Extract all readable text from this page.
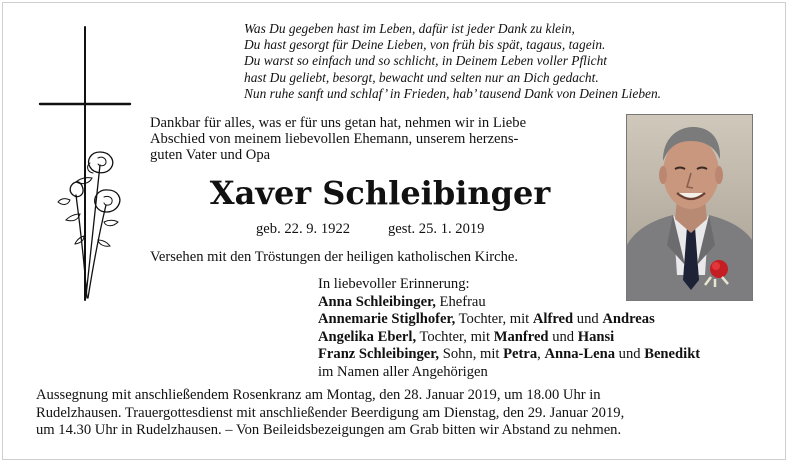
Was Du gegeben hast im Leben, dafür ist jeder Dank zu klein,
Du hast gesorgt für Deine Lieben, von früh bis spät, tagaus, tagein.
Du warst so einfach und so schlicht, in Deinem Leben voller Pflicht
hast Du geliebt, besorgt, bewacht und selten nur an Dich gedacht.
Nun ruhe sanft und schlaf’ in Frieden, hab’ tausend Dank von Deinen Lieben.
Dankbar für alles, was er für uns getan hat, nehmen wir in Liebe
Abschied von meinem liebevollen Ehemann, unserem herzens-
guten Vater und Opa
Xaver Schleibinger
geb. 22. 9. 1922	gest. 25. 1. 2019
Versehen mit den Tröstungen der heiligen katholischen Kirche.
In liebevoller Erinnerung:
Anna Schleibinger, Ehefrau
Annemarie Stiglhofer, Tochter, mit Alfred und Andreas
Angelika Eberl, Tochter, mit Manfred und Hansi
Franz Schleibinger, Sohn, mit Petra, Anna-Lena und Benedikt
im Namen aller Angehörigen
Aussegnung mit anschließendem Rosenkranz am Montag, den 28. Januar 2019, um 18.00 Uhr in
Rudelzhausen. Trauergottesdienst mit anschließender Beerdigung am Dienstag, den 29. Januar 2019,
um 14.30 Uhr in Rudelzhausen. – Von Beileidsbezeigungen am Grab bitten wir Abstand zu nehmen.
